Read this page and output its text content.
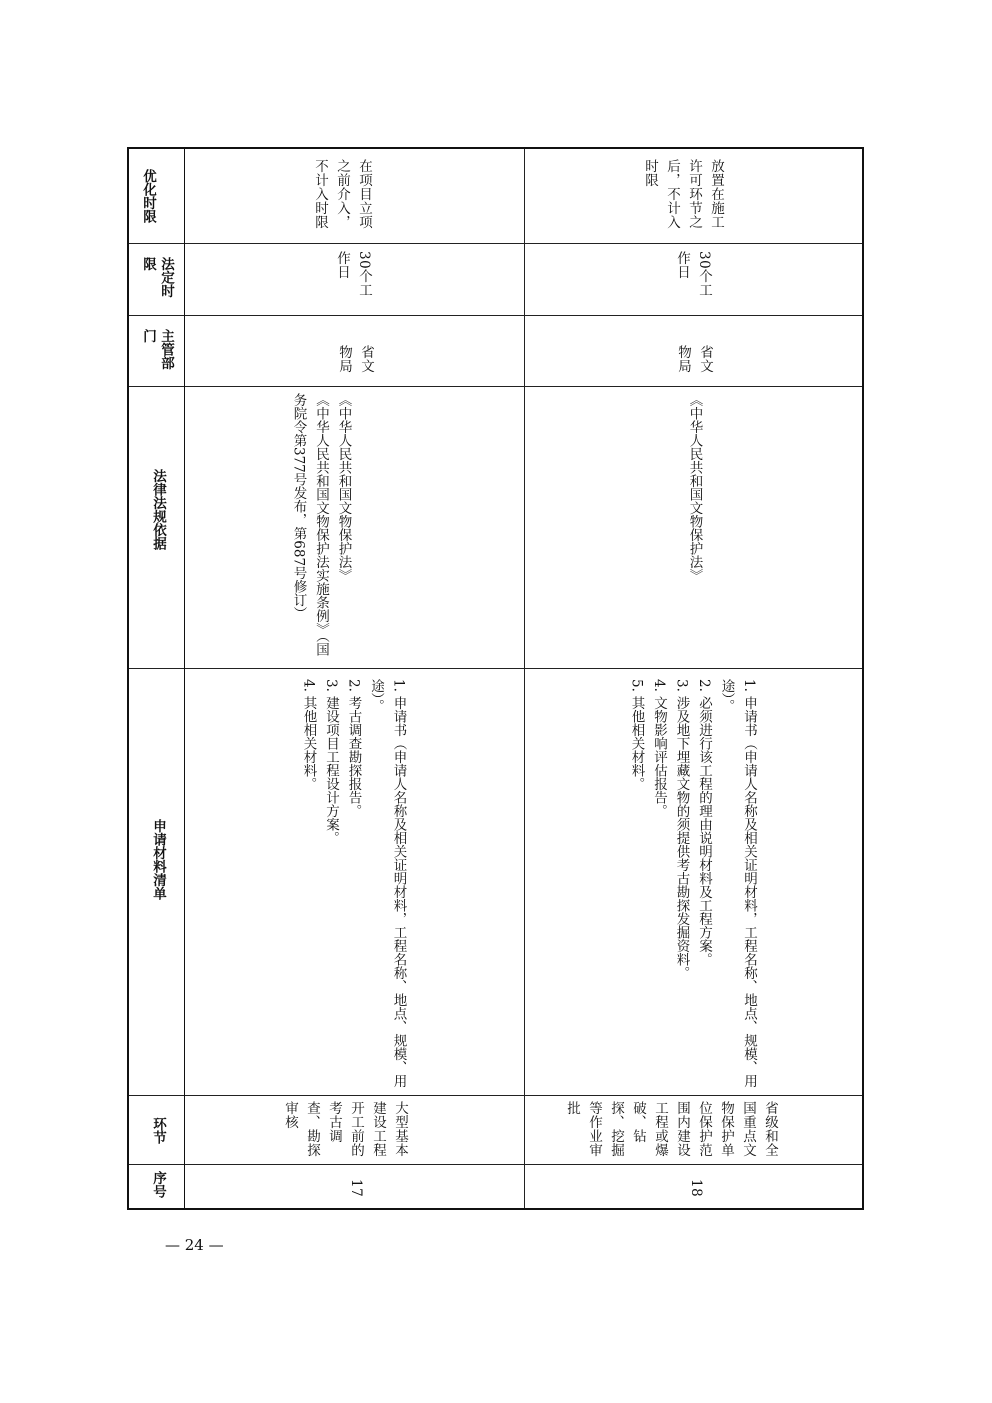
优化时限
法定时限
主管部门
法律法规依据
申请材料清单
环节
序号
在项目立项之前介入，不计入时限
30个工作日
省文物局
《中华人民共和国文物保护法》
《中华人民共和国文物保护法实施条例》（国务院令第377号发布，第687号修订）
1. 申请书（申请人名称及相关证明材料，工程名称、地点、规模、用途）。
2. 考古调查勘探报告。
3. 建设项目工程设计方案。
4. 其他相关材料。
大型基本建设工程开工前的考古调查、勘探审核
17
放置在施工许可环节之后，不计入时限
30个工作日
省文物局
《中华人民共和国文物保护法》
1. 申请书（申请人名称及相关证明材料，工程名称、地点、规模、用途）。
2. 必须进行该工程的理由说明材料及工程方案。
3. 涉及地下埋藏文物的须提供考古勘探发掘资料。
4. 文物影响评估报告。
5. 其他相关材料。
省级和全国重点文物保护单位保护范围内建设工程或爆破、钻探、挖掘等作业审批
18
— 24 —
